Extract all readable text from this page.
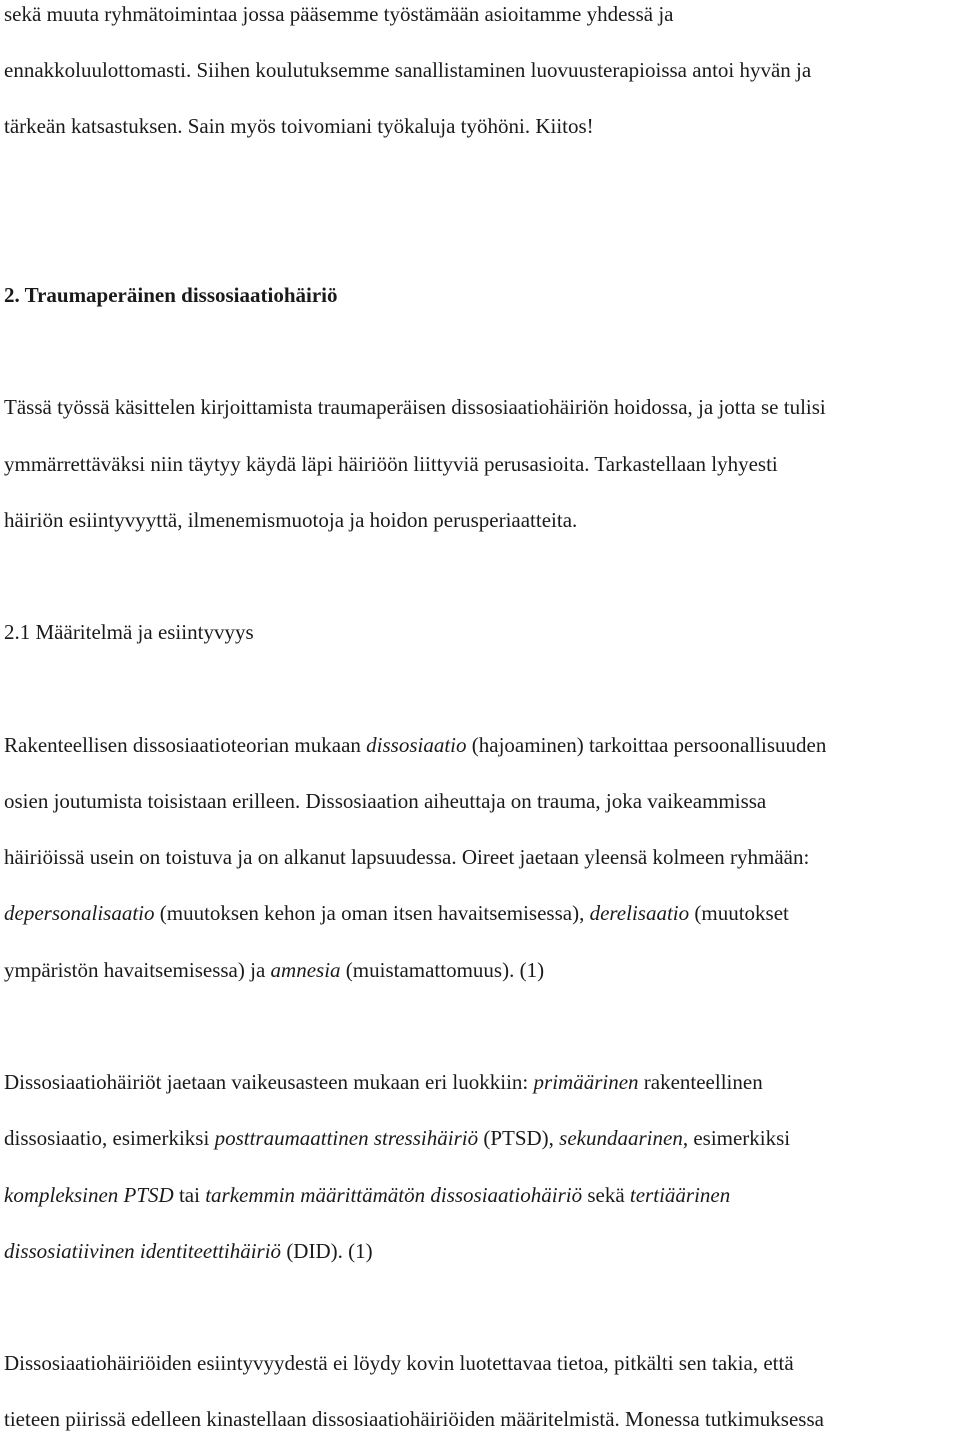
sekä muuta ryhmätoimintaa jossa pääsemme työstämään asioitamme yhdessä ja

ennakkoluulottomasti. Siihen koulutuksemme sanallistaminen luovuusterapioissa antoi hyvän ja

tärkeän katsastuksen. Sain myös toivomiani työkaluja työhöni. Kiitos!

2. Traumaperäinen dissosiaatiohäiriö

Tässä työssä käsittelen kirjoittamista traumaperäisen dissosiaatiohäiriön hoidossa, ja jotta se tulisi

ymmärrettäväksi niin täytyy käydä läpi häiriöön liittyviä perusasioita. Tarkastellaan lyhyesti

häiriön esiintyvyyttä, ilmenemismuotoja ja hoidon perusperiaatteita.

2.1 Määritelmä ja esiintyvyys

Rakenteellisen dissosiaatioteorian mukaan dissosiaatio (hajoaminen) tarkoittaa persoonallisuuden

osien joutumista toisistaan erilleen. Dissosiaation aiheuttaja on trauma, joka vaikeammissa

häiriöissä usein on toistuva ja on alkanut lapsuudessa. Oireet jaetaan yleensä kolmeen ryhmään:

depersonalisaatio (muutoksen kehon ja oman itsen havaitsemisessa), derelisaatio (muutokset

ympäristön havaitsemisessa) ja amnesia (muistamattomuus). (1)

Dissosiaatiohäiriöt jaetaan vaikeusasteen mukaan eri luokkiin: primäärinen rakenteellinen

dissosiaatio, esimerkiksi posttraumaattinen stressihäiriö (PTSD), sekundaarinen, esimerkiksi

kompleksinen PTSD tai tarkemmin määrittämätön dissosiaatiohäiriö sekä tertiäärinen

dissosiatiivinen identiteettihäiriö (DID). (1)

Dissosiaatiohäiriöiden esiintyvyydestä ei löydy kovin luotettavaa tietoa, pitkälti sen takia, että

tieteen piirissä edelleen kinastellaan dissosiaatiohäiriöiden määritelmistä. Monessa tutkimuksessa
